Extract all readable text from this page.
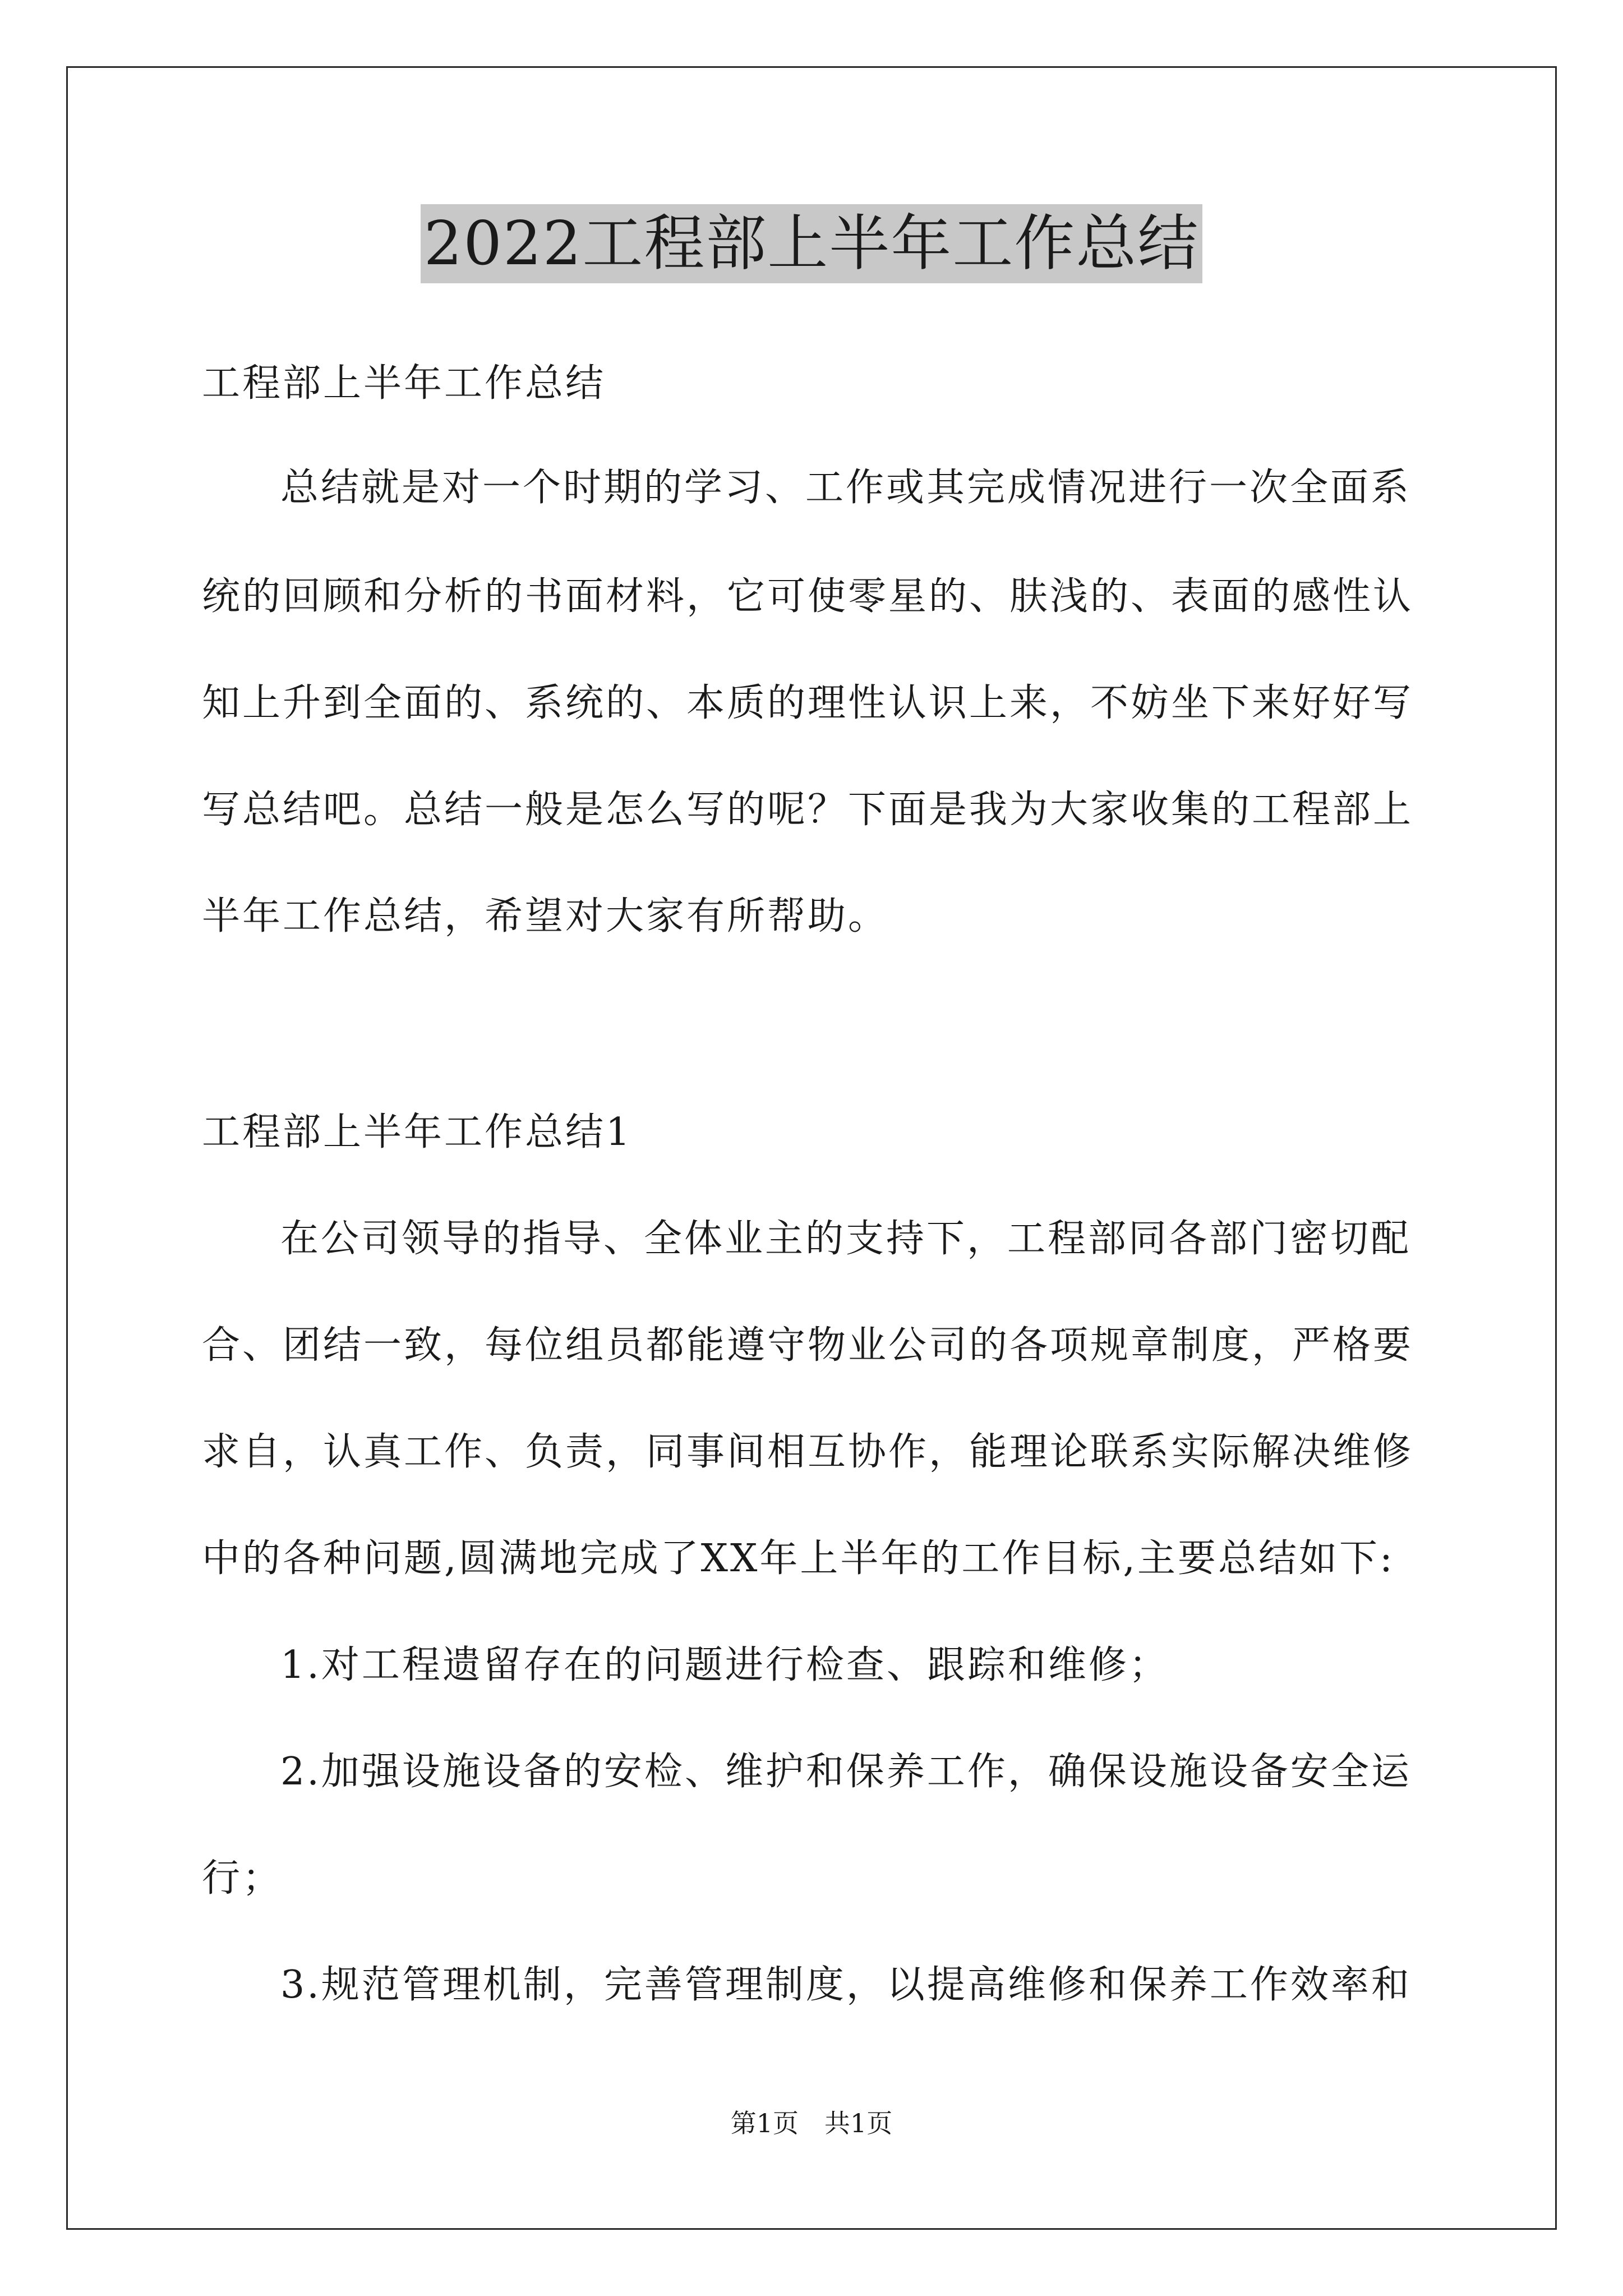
2022工程部上半年工作总结
工程部上半年工作总结
总结就是对一个时期的学习、工作或其完成情况进行一次全面系
统的回顾和分析的书面材料，它可使零星的、肤浅的、表面的感性认
知上升到全面的、系统的、本质的理性认识上来，不妨坐下来好好写
写总结吧。总结一般是怎么写的呢？下面是我为大家收集的工程部上
半年工作总结，希望对大家有所帮助。
工程部上半年工作总结1
在公司领导的指导、全体业主的支持下，工程部同各部门密切配
合、团结一致，每位组员都能遵守物业公司的各项规章制度，严格要
求自，认真工作、负责，同事间相互协作，能理论联系实际解决维修
中的各种问题,圆满地完成了XX年上半年的工作目标,主要总结如下:
1.对工程遗留存在的问题进行检查、跟踪和维修；
2.加强设施设备的安检、维护和保养工作，确保设施设备安全运
行；
3.规范管理机制，完善管理制度，以提高维修和保养工作效率和
第1页　共1页
